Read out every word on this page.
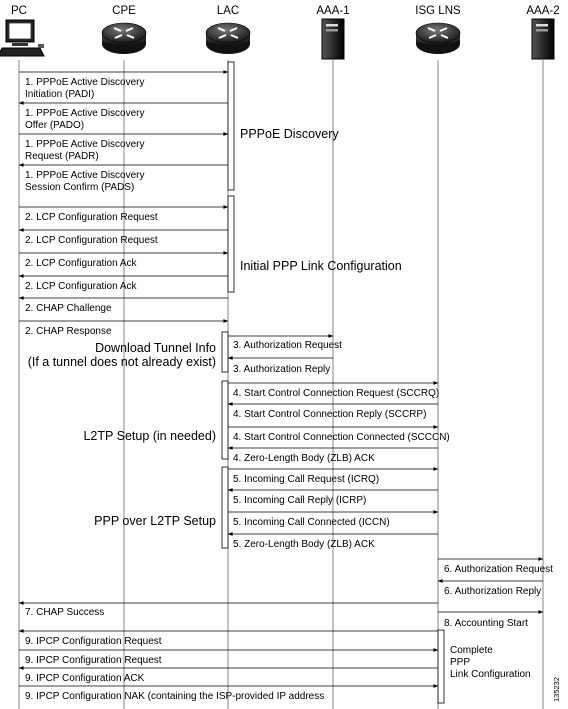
PC	CPE	LAC	AAA-1	ISG LNS	AAA-2
1. PPPoE Active Discovery
Initiation (PADI)
1. PPPoE Active Discovery
Offer (PADO)
1. PPPoE Active Discovery
Request (PADR)
1. PPPoE Active Discovery
Session Confirm (PADS)
2. LCP Configuration Request
2. LCP Configuration Request
2. LCP Configuration Ack
2. LCP Configuration Ack
2. CHAP Challenge
2. CHAP Response
3. Authorization Request
3. Authorization Reply
4. Start Control Connection Request (SCCRQ)
4. Start Control Connection Reply (SCCRP)
4. Start Control Connection Connected (SCCCN)
4. Zero-Length Body (ZLB) ACK
5. Incoming Call Request (ICRQ)
5. Incoming Call Reply (ICRP)
5. Incoming Call Connected (ICCN)
5. Zero-Length Body (ZLB) ACK
6. Authorization Request
6. Authorization Reply
7. CHAP Success
8. Accounting Start
9. IPCP Configuration Request
9. IPCP Configuration Request
9. IPCP Configuration ACK
9. IPCP Configuration NAK (containing the ISP-provided IP address
PPPoE Discovery
Initial PPP Link Configuration
Download Tunnel Info
(If a tunnel does not already exist)
L2TP Setup (in needed)
PPP over L2TP Setup
Complete
PPP
Link Configuration
135232
